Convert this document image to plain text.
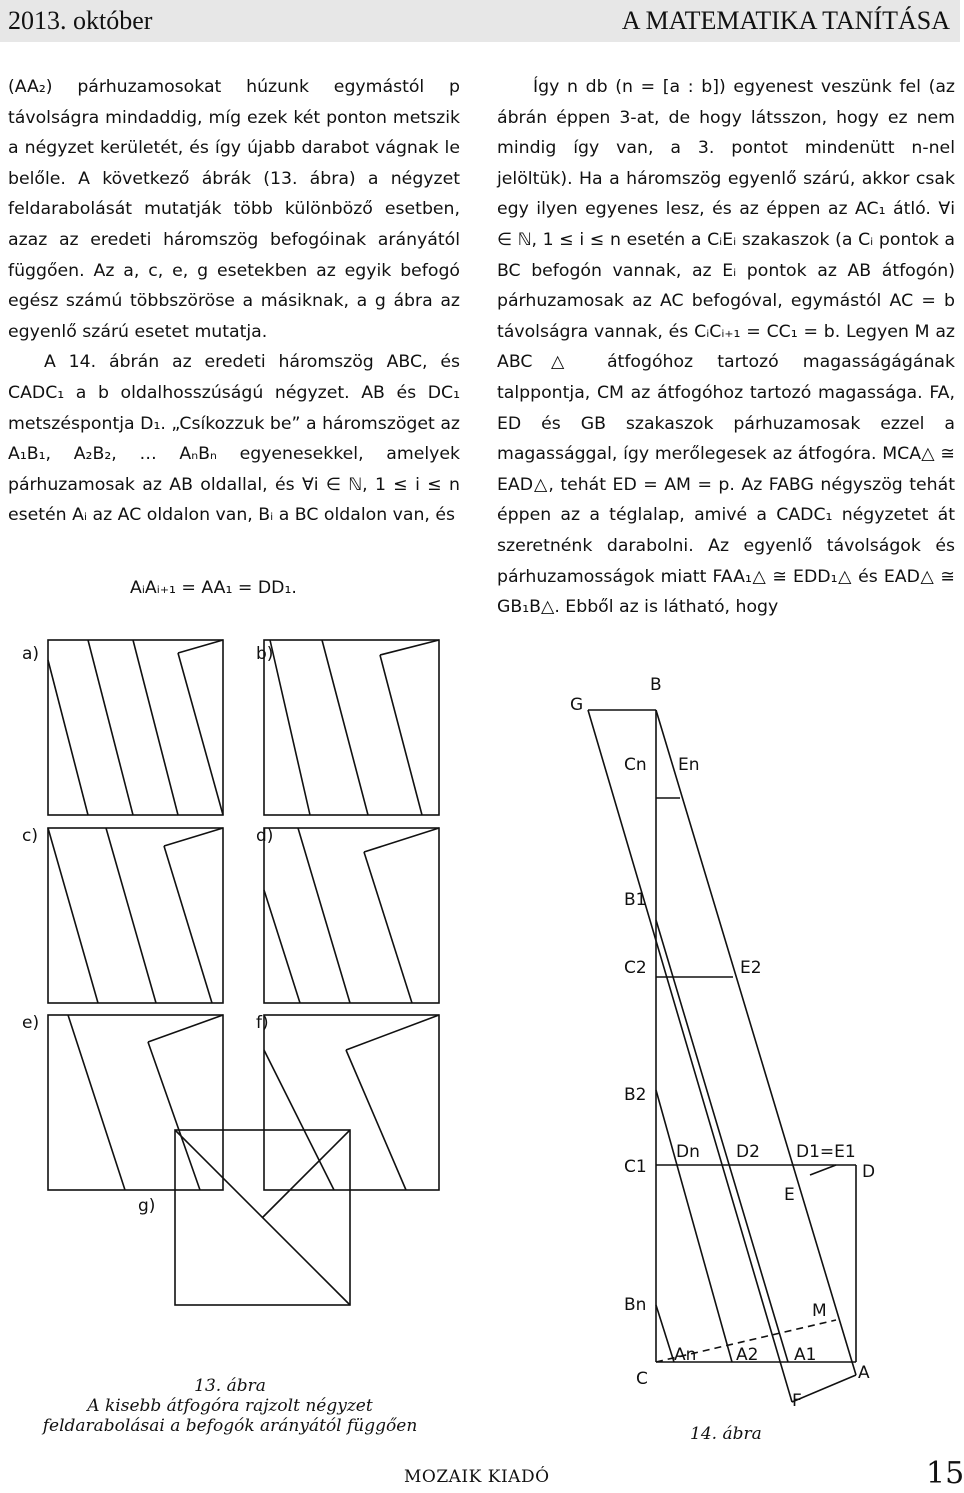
2013. október	A MATEMATIKA TANÍTÁSA

(AA₂) párhuzamosokat húzunk egymástól p távolságra mindaddig, míg ezek két ponton metszik a négyzet kerületét, és így újabb darabot vágnak le belőle. A következő ábrák (13. ábra) a négyzet feldarabolását mutatják több különböző esetben, azaz az eredeti háromszög befogóinak arányától függően. Az a, c, e, g esetekben az egyik befogó egész számú többszöröse a másiknak, a g ábra az egyenlő szárú esetet mutatja.

A 14. ábrán az eredeti háromszög ABC, és CADC₁ a b oldalhosszúságú négyzet. AB és DC₁ metszéspontja D₁. „Csíkozzuk be” a háromszöget az A₁B₁, A₂B₂, … AₙBₙ egyenesekkel, amelyek párhuzamosak az AB oldallal, és ∀i ∈ ℕ, 1 ≤ i ≤ n esetén Aᵢ az AC oldalon van, Bᵢ a BC oldalon van, és

AᵢAᵢ₊₁ = AA₁ = DD₁.

Így n db (n = [a : b]) egyenest veszünk fel (az ábrán éppen 3-at, de hogy látsszon, hogy ez nem mindig így van, a 3. pontot mindenütt n-nel jelöltük). Ha a háromszög egyenlő szárú, akkor csak egy ilyen egyenes lesz, és az éppen az AC₁ átló. ∀i ∈ ℕ, 1 ≤ i ≤ n esetén a CᵢEᵢ szakaszok (a Cᵢ pontok a BC befogón vannak, az Eᵢ pontok az AB átfogón) párhuzamosak az AC befogóval, egymástól AC = b távolságra vannak, és CᵢCᵢ₊₁ = CC₁ = b. Legyen M az ABC△ átfogóhoz tartozó magasságágának talppontja, CM az átfogóhoz tartozó magassága. FA, ED és GB szakaszok párhuzamosak ezzel a magassággal, így merőlegesek az átfogóra. MCA△ ≅ EAD△, tehát ED = AM = p. Az FABG négyszög tehát éppen az a téglalap, amivé a CADC₁ négyzetet át szeretnénk darabolni. Az egyenlő távolságok és párhuzamosságok miatt FAA₁△ ≅ EDD₁△ és EAD△ ≅ GB₁B△. Ebből az is látható, hogy

a)	b)
c)	d)
e)	f)
g)
13. ábra
A kisebb átfogóra rajzolt négyzet
feldarabolásai a befogók arányától függően
B
G
Cn En
B1
C2	E2
B2
C1
Dn D2 D1=E1
D
E
Bn	M
An A2 A1
C	A
F
14. ábra
MOZAIK KIADÓ	15
